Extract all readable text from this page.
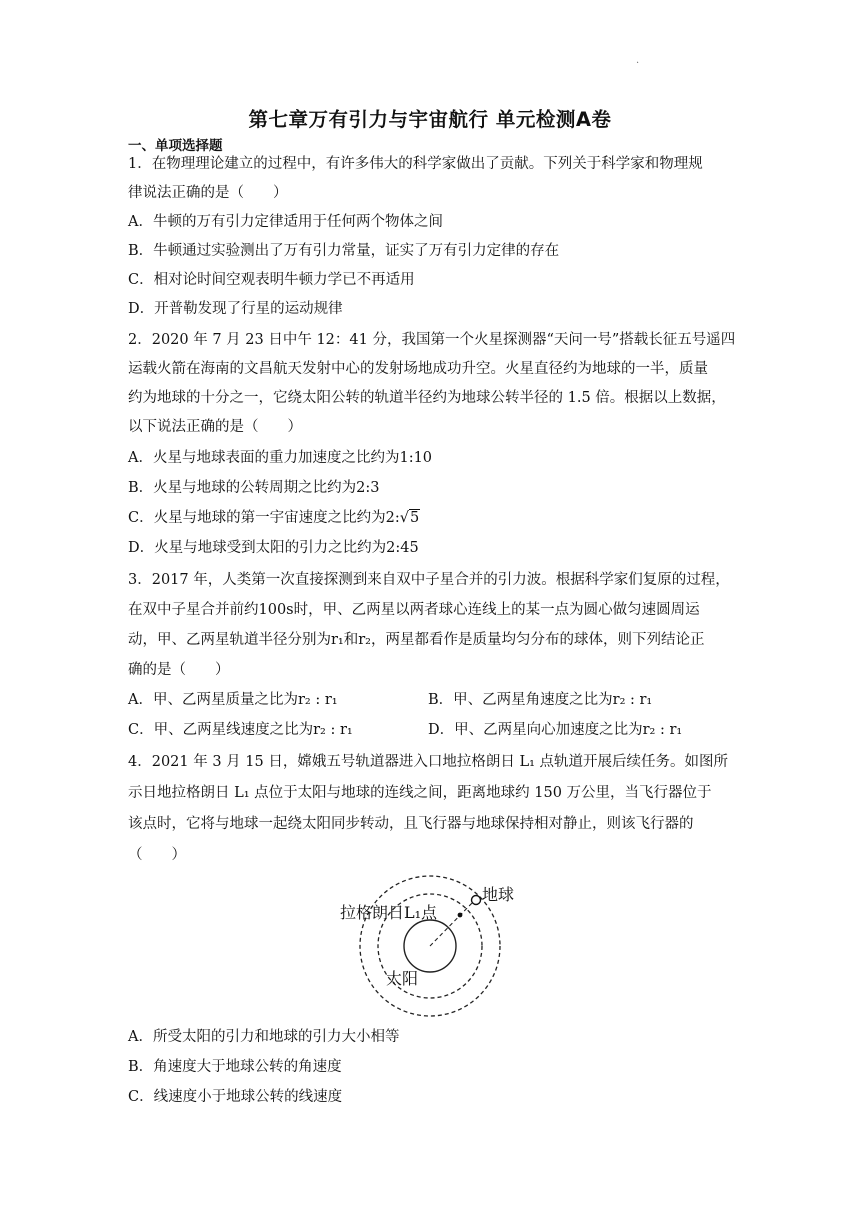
·
第七章万有引力与宇宙航行 单元检测A卷
一、单项选择题
1．在物理理论建立的过程中，有许多伟大的科学家做出了贡献。下列关于科学家和物理规
律说法正确的是（　　）
A．牛顿的万有引力定律适用于任何两个物体之间
B．牛顿通过实验测出了万有引力常量，证实了万有引力定律的存在
C．相对论时间空观表明牛顿力学已不再适用
D．开普勒发现了行星的运动规律
2．2020 年 7 月 23 日中午 12：41 分，我国第一个火星探测器“天问一号”搭载长征五号遥四
运载火箭在海南的文昌航天发射中心的发射场地成功升空。火星直径约为地球的一半，质量
约为地球的十分之一，它绕太阳公转的轨道半径约为地球公转半径的 1.5 倍。根据以上数据，
以下说法正确的是（　　）
A．火星与地球表面的重力加速度之比约为1:10
B．火星与地球的公转周期之比约为2:3
C．火星与地球的第一宇宙速度之比约为2:√5
D．火星与地球受到太阳的引力之比约为2:45
3．2017 年，人类第一次直接探测到来自双中子星合并的引力波。根据科学家们复原的过程，
在双中子星合并前约100s时，甲、乙两星以两者球心连线上的某一点为圆心做匀速圆周运
动，甲、乙两星轨道半径分别为r₁和r₂，两星都看作是质量均匀分布的球体，则下列结论正
确的是（　　）
A．甲、乙两星质量之比为r₂ : r₁	B．甲、乙两星角速度之比为r₂ : r₁
C．甲、乙两星线速度之比为r₂ : r₁	D．甲、乙两星向心加速度之比为r₂ : r₁
4．2021 年 3 月 15 日，嫦娥五号轨道器进入口地拉格朗日 L₁ 点轨道开展后续任务。如图所
示日地拉格朗日 L₁ 点位于太阳与地球的连线之间，距离地球约 150 万公里，当飞行器位于
该点时，它将与地球一起绕太阳同步转动，且飞行器与地球保持相对静止，则该飞行器的
（　　）
拉格朗日L₁点
地球
太阳
A．所受太阳的引力和地球的引力大小相等
B．角速度大于地球公转的角速度
C．线速度小于地球公转的线速度
